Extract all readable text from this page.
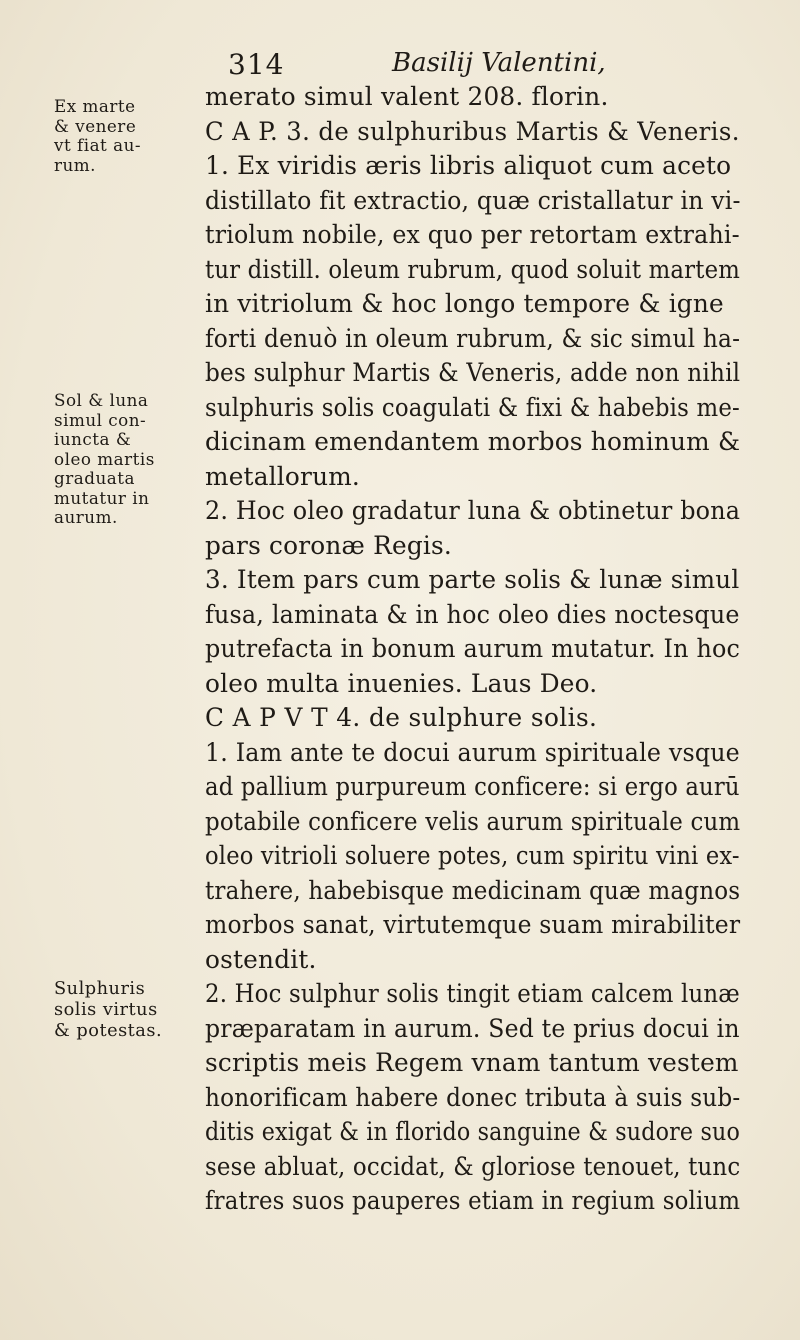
314	Basilij Valentini,
Ex marte
& venere
vt fiat au-
rum.
Sol & luna
simul con-
iuncta &
oleo martis
graduata
mutatur in
aurum.
Sulphuris
solis virtus
& potestas.
merato simul valent 208. florin.
C A P. 3. de sulphuribus Martis & Veneris.
1. Ex viridis æris libris aliquot cum aceto
distillato fit extractio, quæ cristallatur in vi-
triolum nobile, ex quo per retortam extrahi-
tur distill. oleum rubrum, quod soluit martem
in vitriolum & hoc longo tempore & igne
forti denuò in oleum rubrum, & sic simul ha-
bes sulphur Martis & Veneris, adde non nihil
sulphuris solis coagulati & fixi & habebis me-
dicinam emendantem morbos hominum &
metallorum.
2. Hoc oleo gradatur luna & obtinetur bona
pars coronæ Regis.
3. Item pars cum parte solis & lunæ simul
fusa, laminata & in hoc oleo dies noctesque
putrefacta in bonum aurum mutatur. In hoc
oleo multa inuenies. Laus Deo.
C A P V T 4. de sulphure solis.
1. Iam ante te docui aurum spirituale vsque
ad pallium purpureum conficere: si ergo aurū
potabile conficere velis aurum spirituale cum
oleo vitrioli soluere potes, cum spiritu vini ex-
trahere, habebisque medicinam quæ magnos
morbos sanat, virtutemque suam mirabiliter
ostendit.
2. Hoc sulphur solis tingit etiam calcem lunæ
præparatam in aurum. Sed te prius docui in
scriptis meis Regem vnam tantum vestem
honorificam habere donec tributa à suis sub-
ditis exigat & in florido sanguine & sudore suo
sese abluat, occidat, & gloriose tenouet, tunc
fratres suos pauperes etiam in regium solium
